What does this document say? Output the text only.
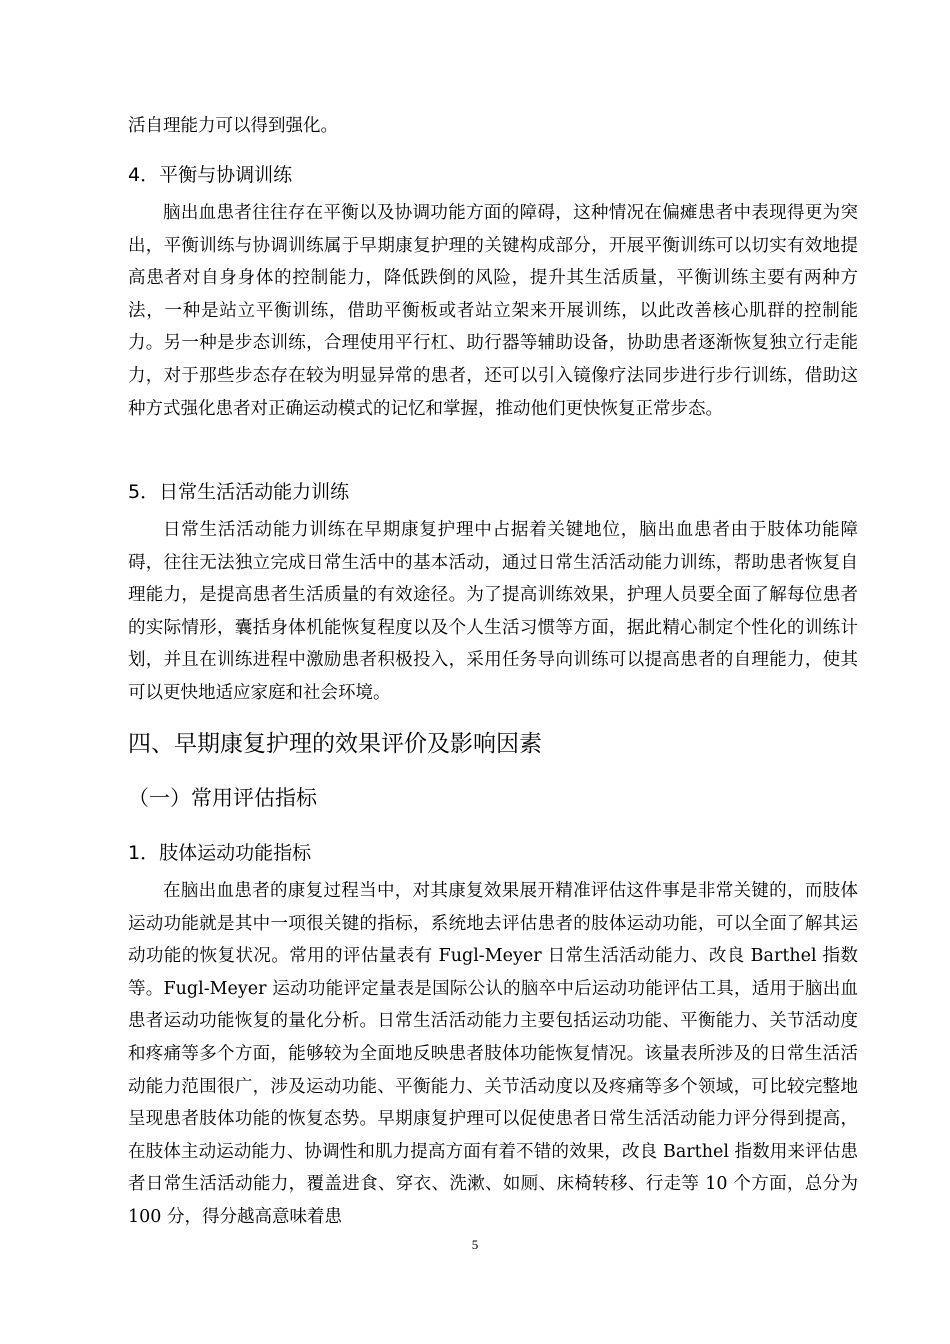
活自理能力可以得到强化。

4．平衡与协调训练

脑出血患者往往存在平衡以及协调功能方面的障碍，这种情况在偏瘫患者中表现得更为突出，平衡训练与协调训练属于早期康复护理的关键构成部分，开展平衡训练可以切实有效地提高患者对自身身体的控制能力，降低跌倒的风险，提升其生活质量，平衡训练主要有两种方法，一种是站立平衡训练，借助平衡板或者站立架来开展训练，以此改善核心肌群的控制能力。另一种是步态训练，合理使用平行杠、助行器等辅助设备，协助患者逐渐恢复独立行走能力，对于那些步态存在较为明显异常的患者，还可以引入镜像疗法同步进行步行训练，借助这种方式强化患者对正确运动模式的记忆和掌握，推动他们更快恢复正常步态。

5．日常生活活动能力训练

日常生活活动能力训练在早期康复护理中占据着关键地位，脑出血患者由于肢体功能障碍，往往无法独立完成日常生活中的基本活动，通过日常生活活动能力训练，帮助患者恢复自理能力，是提高患者生活质量的有效途径。为了提高训练效果，护理人员要全面了解每位患者的实际情形，囊括身体机能恢复程度以及个人生活习惯等方面，据此精心制定个性化的训练计划，并且在训练进程中激励患者积极投入，采用任务导向训练可以提高患者的自理能力，使其可以更快地适应家庭和社会环境。

四、早期康复护理的效果评价及影响因素
（一）常用评估指标
1．肢体运动功能指标

在脑出血患者的康复过程当中，对其康复效果展开精准评估这件事是非常关键的，而肢体运动功能就是其中一项很关键的指标，系统地去评估患者的肢体运动功能，可以全面了解其运动功能的恢复状况。常用的评估量表有 Fugl-Meyer 日常生活活动能力、改良 Barthel 指数等。Fugl-Meyer 运动功能评定量表是国际公认的脑卒中后运动功能评估工具，适用于脑出血患者运动功能恢复的量化分析。日常生活活动能力主要包括运动功能、平衡能力、关节活动度和疼痛等多个方面，能够较为全面地反映患者肢体功能恢复情况。该量表所涉及的日常生活活动能力范围很广，涉及运动功能、平衡能力、关节活动度以及疼痛等多个领域，可比较完整地呈现患者肢体功能的恢复态势。早期康复护理可以促使患者日常生活活动能力评分得到提高，在肢体主动运动能力、协调性和肌力提高方面有着不错的效果，改良 Barthel 指数用来评估患者日常生活活动能力，覆盖进食、穿衣、洗漱、如厕、床椅转移、行走等 10 个方面，总分为 100 分，得分越高意味着患

5
